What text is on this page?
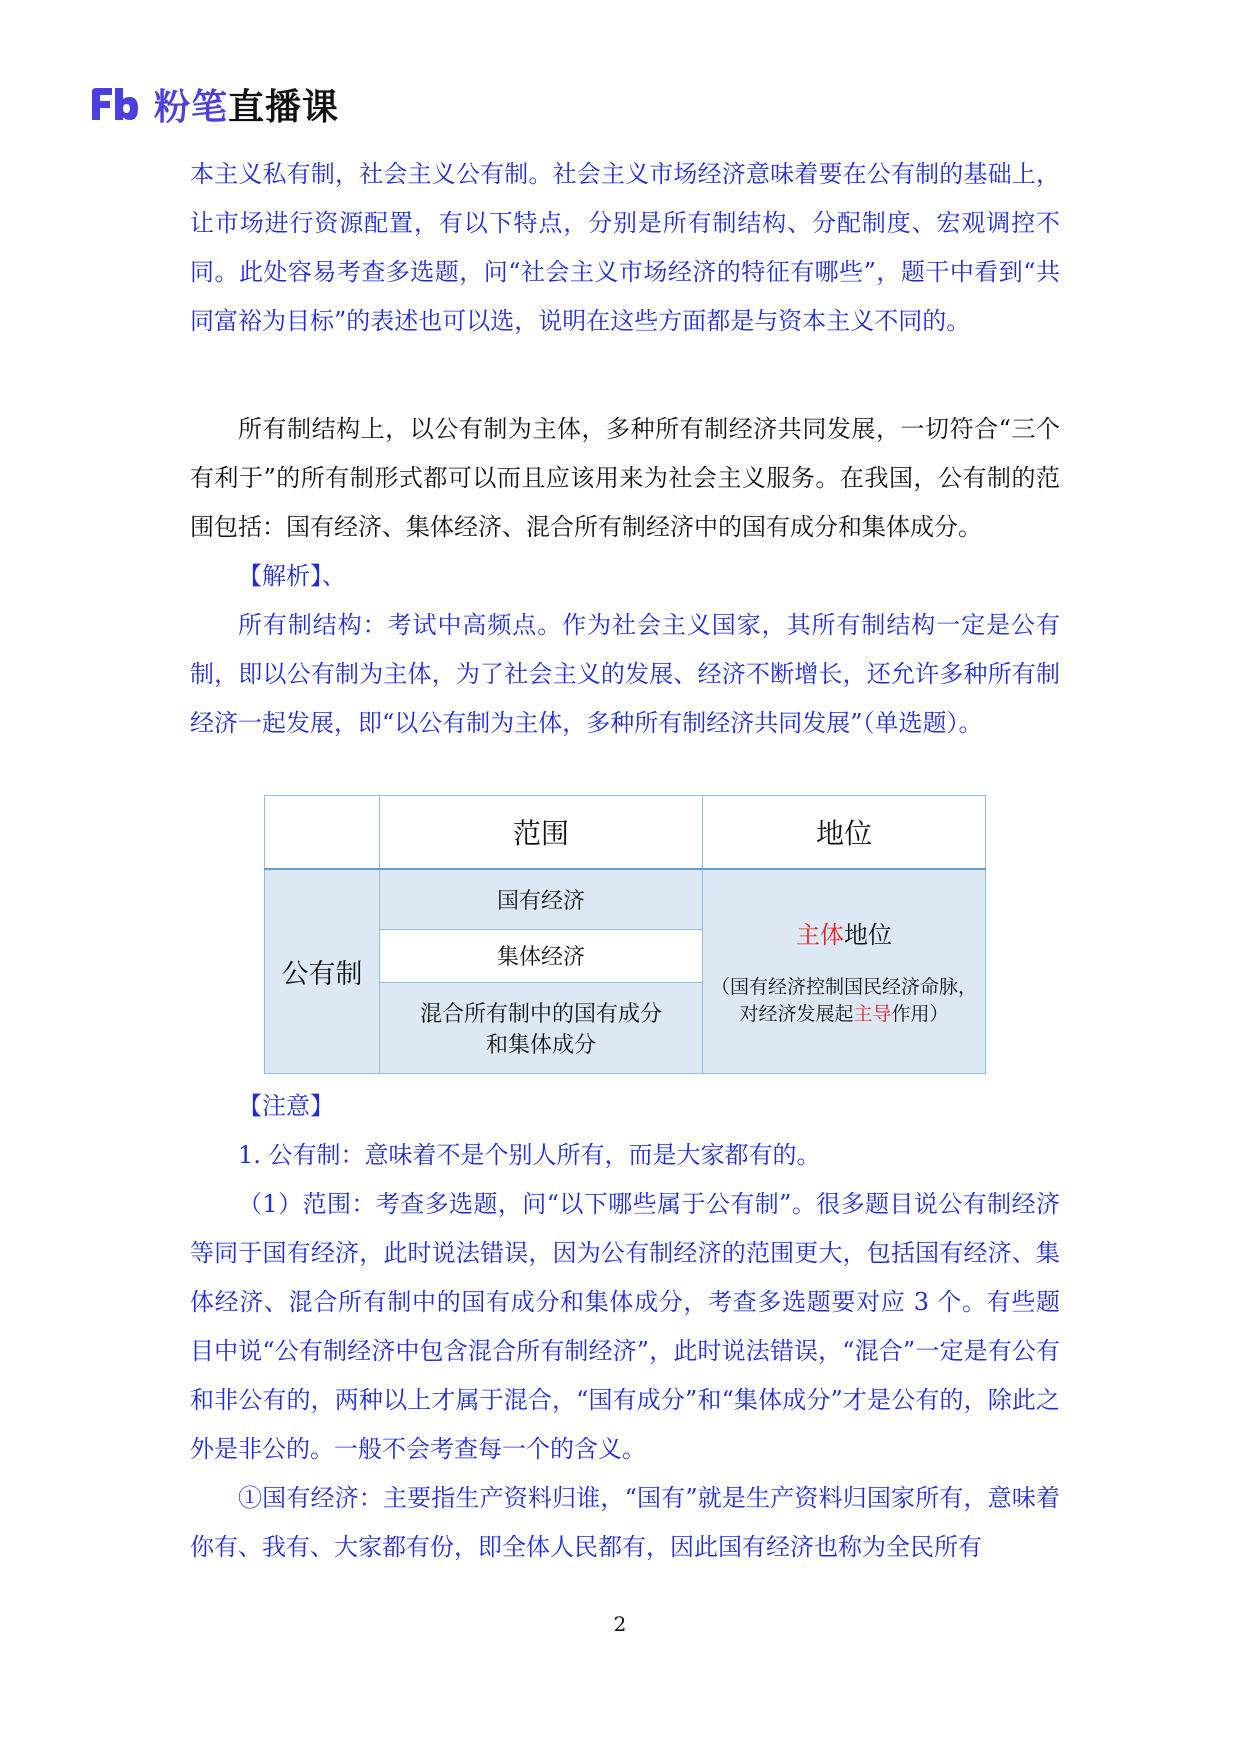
粉笔直播课

本主义私有制，社会主义公有制。社会主义市场经济意味着要在公有制的基础上，让市场进行资源配置，有以下特点，分别是所有制结构、分配制度、宏观调控不同。此处容易考查多选题，问“社会主义市场经济的特征有哪些”，题干中看到“共同富裕为目标”的表述也可以选，说明在这些方面都是与资本主义不同的。

所有制结构上，以公有制为主体，多种所有制经济共同发展，一切符合“三个有利于”的所有制形式都可以而且应该用来为社会主义服务。在我国，公有制的范围包括：国有经济、集体经济、混合所有制经济中的国有成分和集体成分。

【解析】、

所有制结构：考试中高频点。作为社会主义国家，其所有制结构一定是公有制，即以公有制为主体，为了社会主义的发展、经济不断增长，还允许多种所有制经济一起发展，即“以公有制为主体，多种所有制经济共同发展”（单选题）。

	范围	地位
公有制	国有经济	主体地位
（国有经济控制国民经济命脉，
对经济发展起主导作用）

	集体经济	

	混合所有制中的国有成分
和集体成分	

【注意】

1. 公有制：意味着不是个别人所有，而是大家都有的。

（1）范围：考查多选题，问“以下哪些属于公有制”。很多题目说公有制经济等同于国有经济，此时说法错误，因为公有制经济的范围更大，包括国有经济、集体经济、混合所有制中的国有成分和集体成分，考查多选题要对应 3 个。有些题目中说“公有制经济中包含混合所有制经济”，此时说法错误，“混合”一定是有公有和非公有的，两种以上才属于混合，“国有成分”和“集体成分”才是公有的，除此之外是非公的。一般不会考查每一个的含义。

①国有经济：主要指生产资料归谁，“国有”就是生产资料归国家所有，意味着你有、我有、大家都有份，即全体人民都有，因此国有经济也称为全民所有

2
